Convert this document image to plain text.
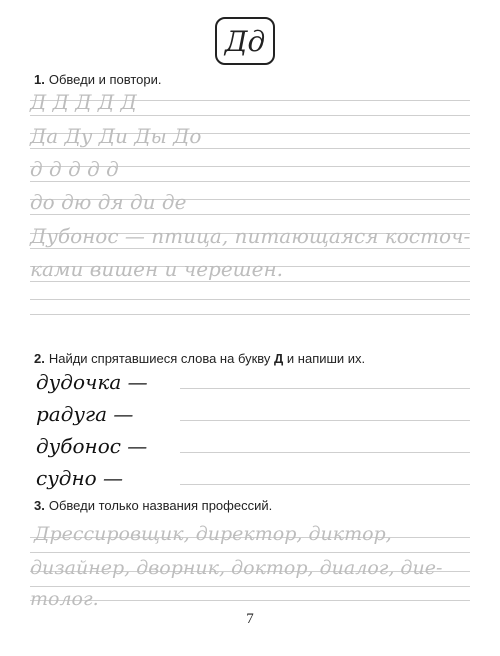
Дд
1. Обведи и повтори.
Д Д Д Д Д
Да Ду Ди Ды До
д д д д д
до дю дя ди де
Дубонос — птица, питающаяся косточ-
ками вишен и черешен.
2. Найди спрятавшиеся слова на букву Д и напиши их.
дудочка —
радуга —
дубонос —
судно —
3. Обведи только названия профессий.
Дрессировщик, директор, диктор,
дизайнер, дворник, доктор, диалог, дие-
толог.
7
